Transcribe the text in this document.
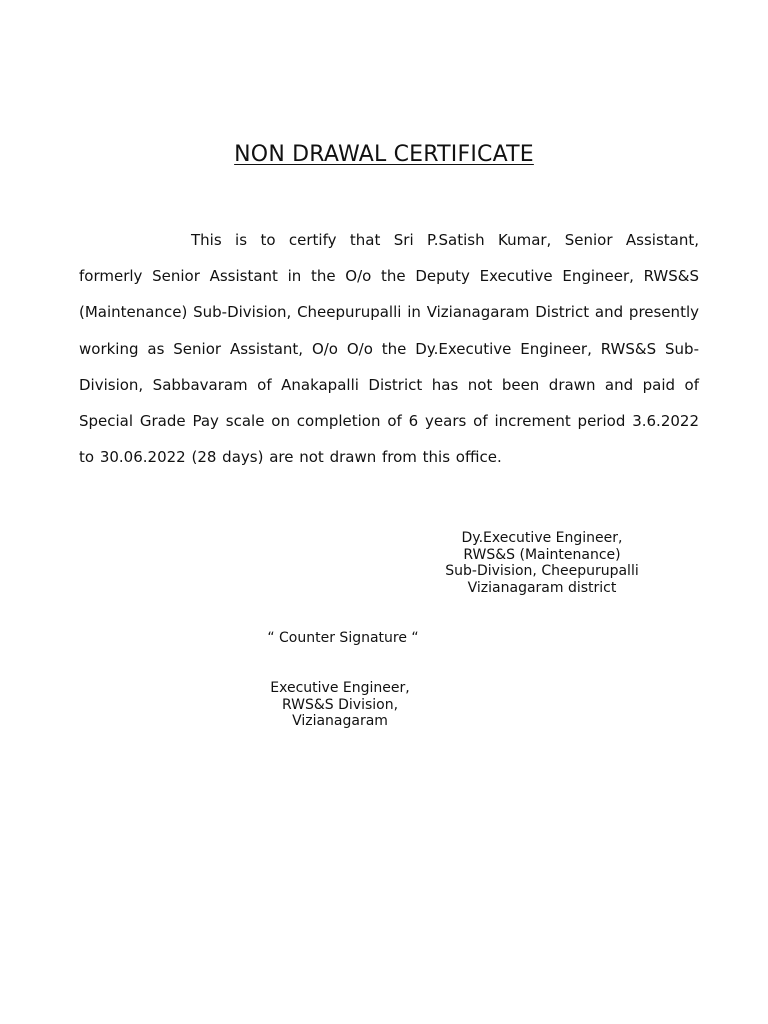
NON DRAWAL CERTIFICATE

This is to certify that Sri P.Satish Kumar, Senior Assistant, formerly Senior Assistant in the O/o the Deputy Executive Engineer, RWS&S (Maintenance) Sub-Division, Cheepurupalli in Vizianagaram District and presently working as Senior Assistant, O/o O/o the Dy.Executive Engineer, RWS&S Sub-Division, Sabbavaram of Anakapalli District has not been drawn and paid of Special Grade Pay scale on completion of 6 years of increment period 3.6.2022 to 30.06.2022 (28 days) are not drawn from this office.

Dy.Executive Engineer,
RWS&S (Maintenance)
Sub-Division, Cheepurupalli
Vizianagaram district
“ Counter Signature “
Executive Engineer,
RWS&S Division,
Vizianagaram
